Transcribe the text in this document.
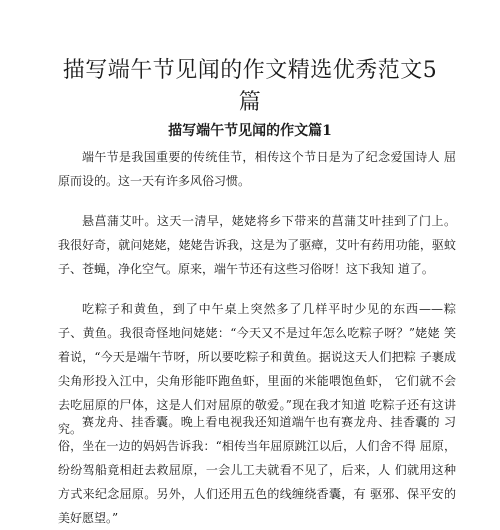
描写端午节见闻的作文精选优秀范文5篇
描写端午节见闻的作文篇1

端午节是我国重要的传统佳节，相传这个节日是为了纪念爱国诗人 屈原而设的。这一天有许多风俗习惯。

悬菖蒲艾叶。这天一清早，姥姥将乡下带来的菖蒲艾叶挂到了门上。 我很好奇，就问姥姥，姥姥告诉我，这是为了驱瘴，艾叶有药用功能，驱蚊子、苍蝇，净化空气。原来，端午节还有这些习俗呀！这下我知 道了。

吃粽子和黄鱼，到了中午桌上突然多了几样平时少见的东西——粽 子、黄鱼。我很奇怪地问姥姥：“今天又不是过年怎么吃粽子呀？”姥姥 笑着说，“今天是端午节呀，所以要吃粽子和黄鱼。据说这天人们把粽 子裹成尖角形投入江中，尖角形能吓跑鱼虾，里面的米能喂饱鱼虾， 它们就不会去吃屈原的尸体，这是人们对屈原的敬爱。”现在我才知道 吃粽子还有这讲究。 赛龙舟、挂香囊。晚上看电视我还知道端午也有赛龙舟、挂香囊的 习俗，坐在一边的妈妈告诉我：“相传当年屈原跳江以后，人们舍不得 屈原，纷纷驾船竟相赶去救屈原，一会儿工夫就看不见了，后来，人 们就用这种方式来纪念屈原。另外，人们还用五色的线缠绕香囊，有 驱邪、保平安的美好愿望。”
